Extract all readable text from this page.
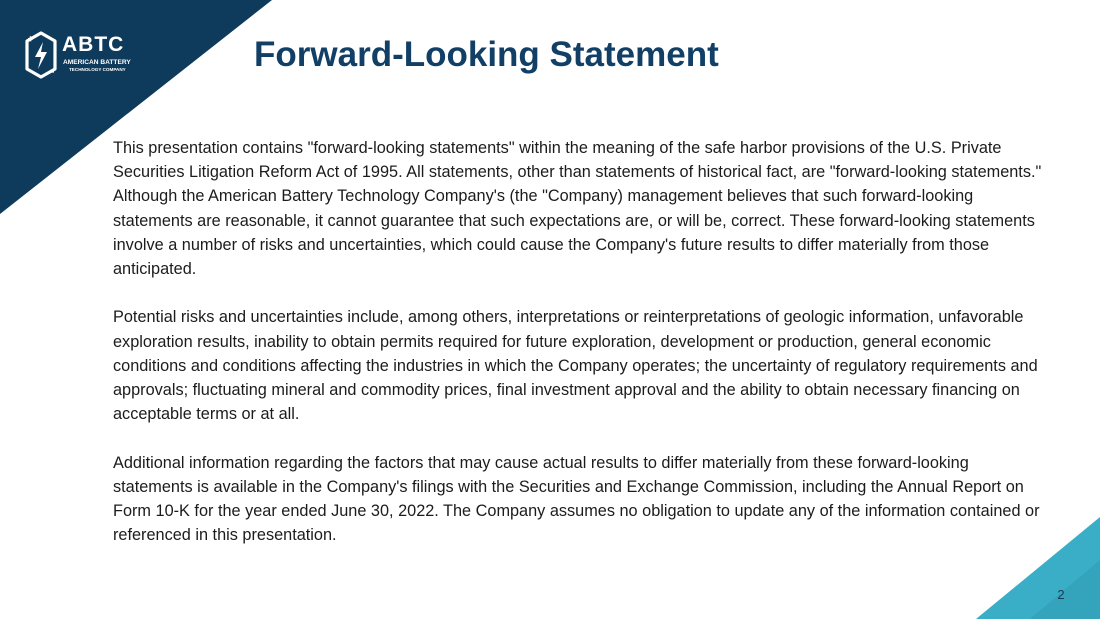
ABTC
AMERICAN BATTERY
TECHNOLOGY COMPANY	Forward-Looking Statement

This presentation contains "forward-looking statements" within the meaning of the safe harbor provisions of the U.S. Private Securities Litigation Reform Act of 1995. All statements, other than statements of historical fact, are "forward-looking statements." Although the American Battery Technology Company's (the "Company) management believes that such forward-looking statements are reasonable, it cannot guarantee that such expectations are, or will be, correct. These forward-looking statements involve a number of risks and uncertainties, which could cause the Company's future results to differ materially from those anticipated.

Potential risks and uncertainties include, among others, interpretations or reinterpretations of geologic information, unfavorable exploration results, inability to obtain permits required for future exploration, development or production, general economic conditions and conditions affecting the industries in which the Company operates; the uncertainty of regulatory requirements and approvals; fluctuating mineral and commodity prices, final investment approval and the ability to obtain necessary financing on acceptable terms or at all.

Additional information regarding the factors that may cause actual results to differ materially from these forward-looking statements is available in the Company's filings with the Securities and Exchange Commission, including the Annual Report on Form 10-K for the year ended June 30, 2022. The Company assumes no obligation to update any of the information contained or referenced in this presentation.

2
